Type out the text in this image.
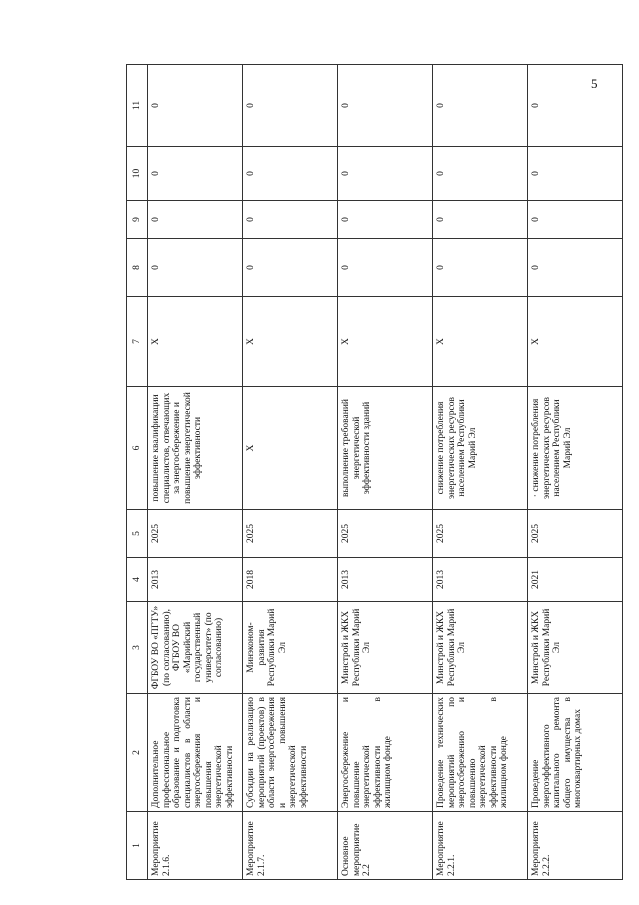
5
1	2	3	4	5	6	7	8	9	10	11
Мероприятие 2.1.6.	Дополнительное профессиональное образование и подготовка специалистов в области энергосбережения и повышения энергетической эффективности	ФГБОУ ВО «ПГТУ» (по согласованию), ФГБОУ ВО «Марийский государственный университет» (по согласованию)	2013	2025	повышение квалификации специалистов, отвечающих за энергосбережение и повышение энергетической эффективности	Х	0	0	0	0
Мероприятие 2.1.7.	Субсидии на реализацию мероприятий (проектов) в области энергосбережения и повышения энергетической эффективности	Минэконом-развития Республики Марий Эл	2018	2025	Х	Х	0	0	0	0
Основное мероприятие 2.2	Энергосбережение и повышение энергетической эффективности в жилищном фонде	Минстрой и ЖКХ Республики Марий Эл	2013	2025	выполнение требований энергетической эффективности зданий	Х	0	0	0	0
Мероприятие 2.2.1.	Проведение технических мероприятий по энергосбережению и повышению энергетической эффективности в жилищном фонде	Минстрой и ЖКХ Республики Марий Эл	2013	2025	снижение потребления энергетических ресурсов населением Республики Марий Эл	Х	0	0	0	0
Мероприятие 2.2.2.	Проведение энергоэффективного капитального ремонта общего имущества в многоквартирных домах	Минстрой и ЖКХ Республики Марий Эл	2021	2025	· снижение потребления энергетических ресурсов населением Республики Марий Эл	Х	0	0	0	0
